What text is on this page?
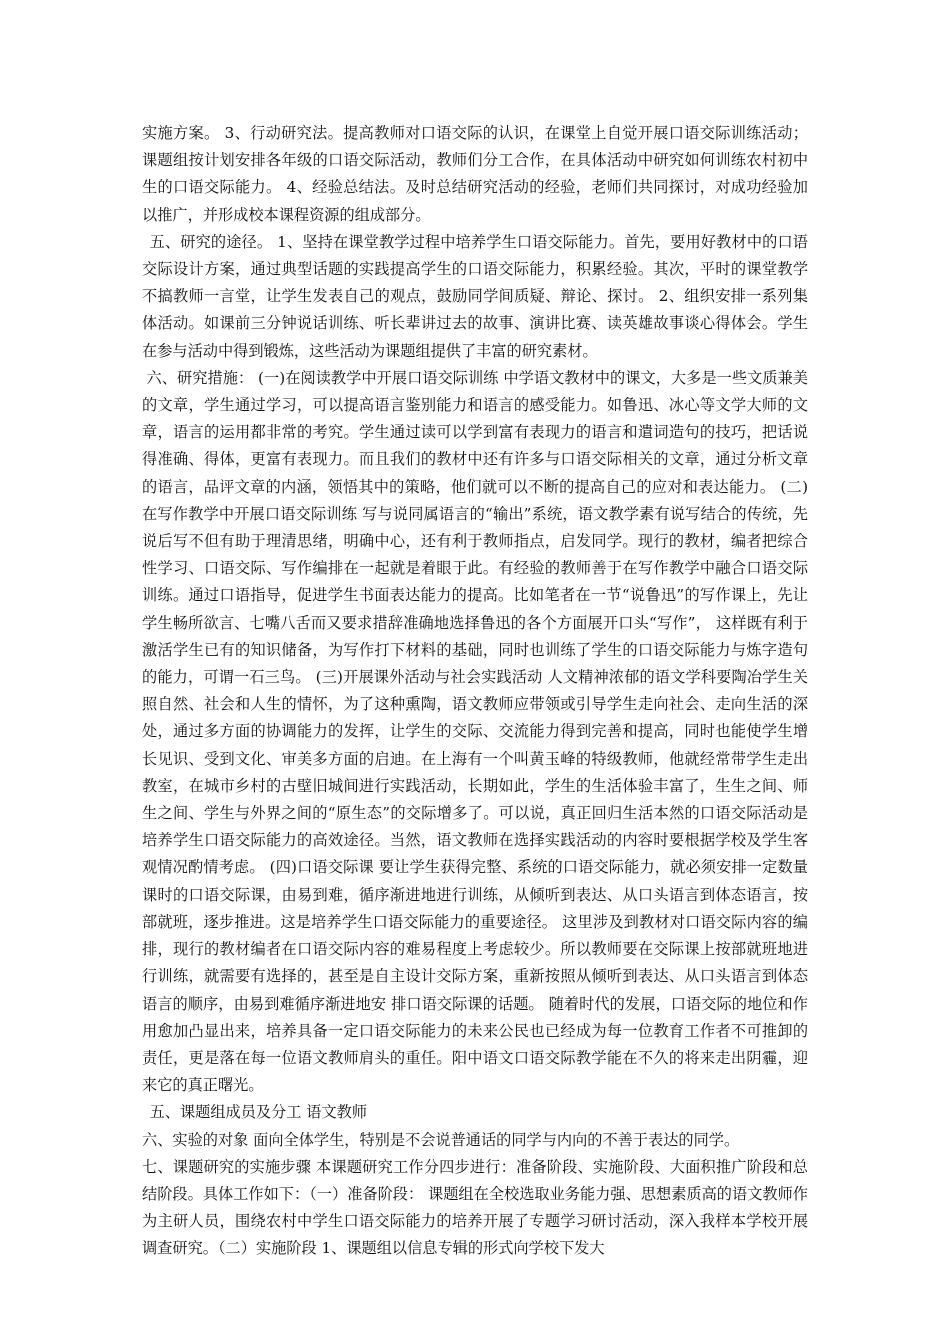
实施方案。 3、行动研究法。提高教师对口语交际的认识，在课堂上自觉开展口语交际训练活动；课题组按计划安排各年级的口语交际活动，教师们分工合作，在具体活动中研究如何训练农村初中生的口语交际能力。 4、经验总结法。及时总结研究活动的经验，老师们共同探讨，对成功经验加以推广，并形成校本课程资源的组成部分。

五、研究的途径。 1、坚持在课堂教学过程中培养学生口语交际能力。首先，要用好教材中的口语交际设计方案，通过典型话题的实践提高学生的口语交际能力，积累经验。其次，平时的课堂教学不搞教师一言堂，让学生发表自己的观点，鼓励同学间质疑、辩论、探讨。 2、组织安排一系列集体活动。如课前三分钟说话训练、听长辈讲过去的故事、演讲比赛、读英雄故事谈心得体会。学生在参与活动中得到锻炼，这些活动为课题组提供了丰富的研究素材。

六、研究措施： (一)在阅读教学中开展口语交际训练 中学语文教材中的课文，大多是一些文质兼美的文章，学生通过学习，可以提高语言鉴别能力和语言的感受能力。如鲁迅、冰心等文学大师的文章，语言的运用都非常的考究。学生通过读可以学到富有表现力的语言和遣词造句的技巧，把话说得准确、得体，更富有表现力。而且我们的教材中还有许多与口语交际相关的文章，通过分析文章的语言，品评文章的内涵，领悟其中的策略，他们就可以不断的提高自己的应对和表达能力。 (二)在写作教学中开展口语交际训练 写与说同属语言的“输出”系统，语文教学素有说写结合的传统，先说后写不但有助于理清思绪，明确中心，还有利于教师指点，启发同学。现行的教材，编者把综合性学习、口语交际、写作编排在一起就是着眼于此。有经验的教师善于在写作教学中融合口语交际训练。通过口语指导，促进学生书面表达能力的提高。比如笔者在一节“说鲁迅”的写作课上，先让学生畅所欲言、七嘴八舌而又要求措辞准确地选择鲁迅的各个方面展开口头“写作”， 这样既有利于激活学生已有的知识储备，为写作打下材料的基础，同时也训练了学生的口语交际能力与炼字造句的能力，可谓一石三鸟。 (三)开展课外活动与社会实践活动 人文精神浓郁的语文学科要陶冶学生关照自然、社会和人生的情怀，为了这种熏陶，语文教师应带领或引导学生走向社会、走向生活的深处，通过多方面的协调能力的发挥，让学生的交际、交流能力得到完善和提高，同时也能使学生增长见识、受到文化、审美多方面的启迪。在上海有一个叫黄玉峰的特级教师，他就经常带学生走出教室，在城市乡村的古壁旧城间进行实践活动，长期如此，学生的生活体验丰富了，生生之间、师生之间、学生与外界之间的“原生态”的交际增多了。可以说，真正回归生活本然的口语交际活动是培养学生口语交际能力的高效途径。当然，语文教师在选择实践活动的内容时要根据学校及学生客观情况酌情考虑。 (四)口语交际课 要让学生获得完整、系统的口语交际能力，就必须安排一定数量课时的口语交际课，由易到难，循序渐进地进行训练，从倾听到表达、从口头语言到体态语言，按部就班，逐步推进。这是培养学生口语交际能力的重要途径。 这里涉及到教材对口语交际内容的编排，现行的教材编者在口语交际内容的难易程度上考虑较少。所以教师要在交际课上按部就班地进行训练，就需要有选择的，甚至是自主设计交际方案，重新按照从倾听到表达、从口头语言到体态语言的顺序，由易到难循序渐进地安 排口语交际课的话题。 随着时代的发展，口语交际的地位和作用愈加凸显出来，培养具备一定口语交际能力的未来公民也已经成为每一位教育工作者不可推卸的责任，更是落在每一位语文教师肩头的重任。阳中语文口语交际教学能在不久的将来走出阴霾，迎来它的真正曙光。

五、课题组成员及分工 语文教师

六、实验的对象 面向全体学生，特别是不会说普通话的同学与内向的不善于表达的同学。

七、课题研究的实施步骤 本课题研究工作分四步进行：准备阶段、实施阶段、大面积推广阶段和总结阶段。具体工作如下：（一）准备阶段： 课题组在全校选取业务能力强、思想素质高的语文教师作为主研人员，围绕农村中学生口语交际能力的培养开展了专题学习研讨活动，深入我样本学校开展调查研究。（二）实施阶段 1、课题组以信息专辑的形式向学校下发大
